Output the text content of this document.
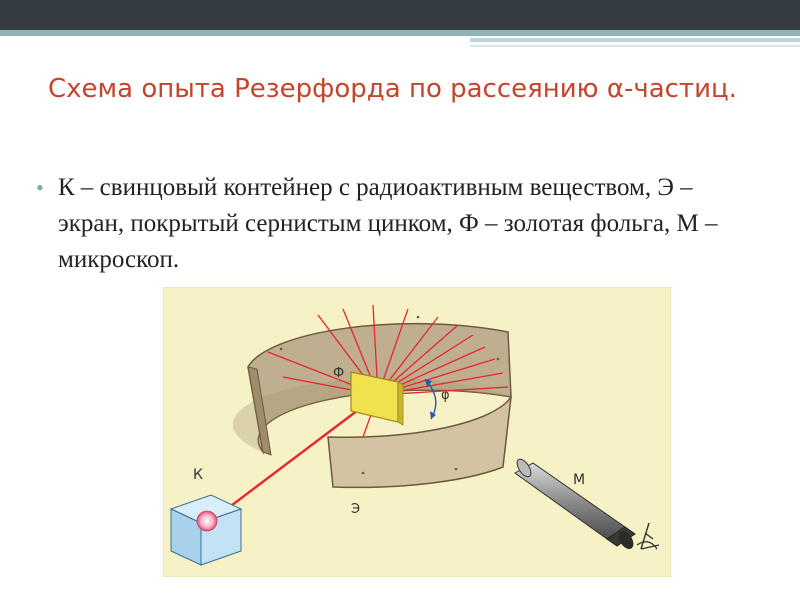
Схема опыта Резерфорда по рассеянию α-частиц.
• К – свинцовый контейнер с радиоактивным веществом, Э – экран, покрытый сернистым цинком, Ф – золотая фольга, М – микроскоп.
К
Ф
φ
Э
М
